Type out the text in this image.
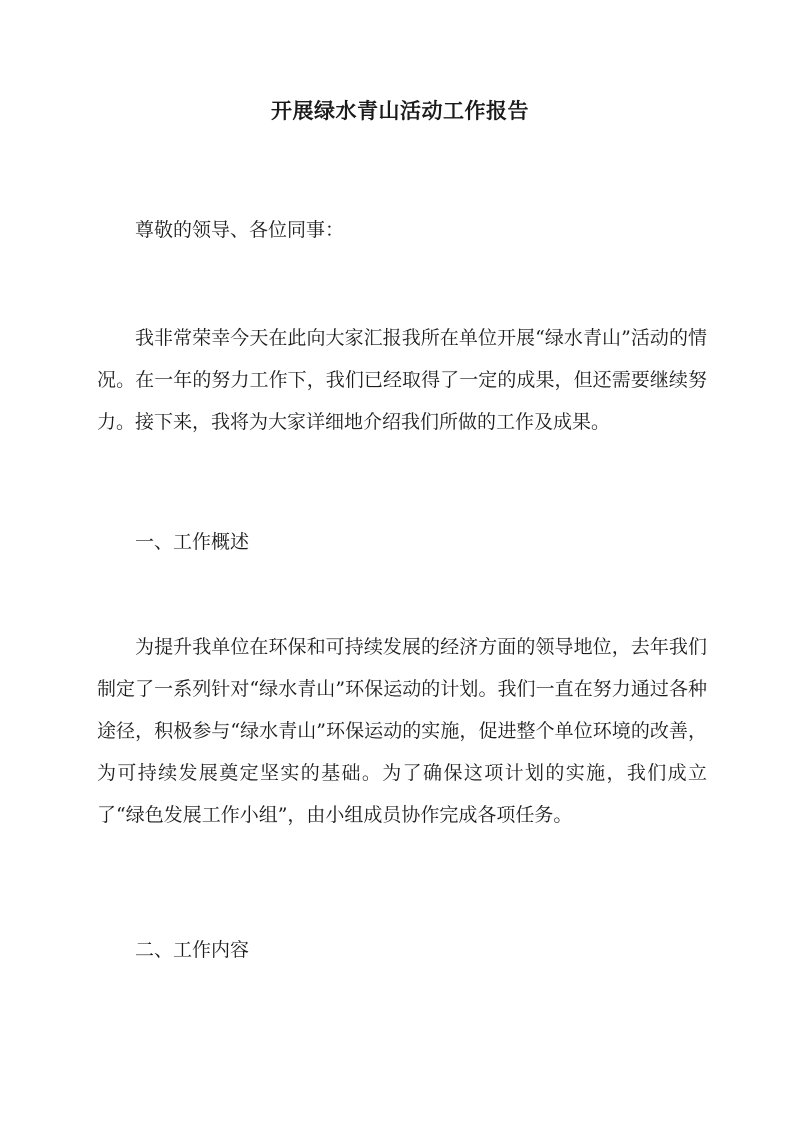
开展绿水青山活动工作报告

尊敬的领导、各位同事：

我非常荣幸今天在此向大家汇报我所在单位开展“绿水青山”活动的情况。在一年的努力工作下，我们已经取得了一定的成果，但还需要继续努力。接下来，我将为大家详细地介绍我们所做的工作及成果。

一、工作概述

为提升我单位在环保和可持续发展的经济方面的领导地位，去年我们制定了一系列针对“绿水青山”环保运动的计划。我们一直在努力通过各种途径，积极参与“绿水青山”环保运动的实施，促进整个单位环境的改善，为可持续发展奠定坚实的基础。为了确保这项计划的实施，我们成立了“绿色发展工作小组”，由小组成员协作完成各项任务。

二、工作内容
